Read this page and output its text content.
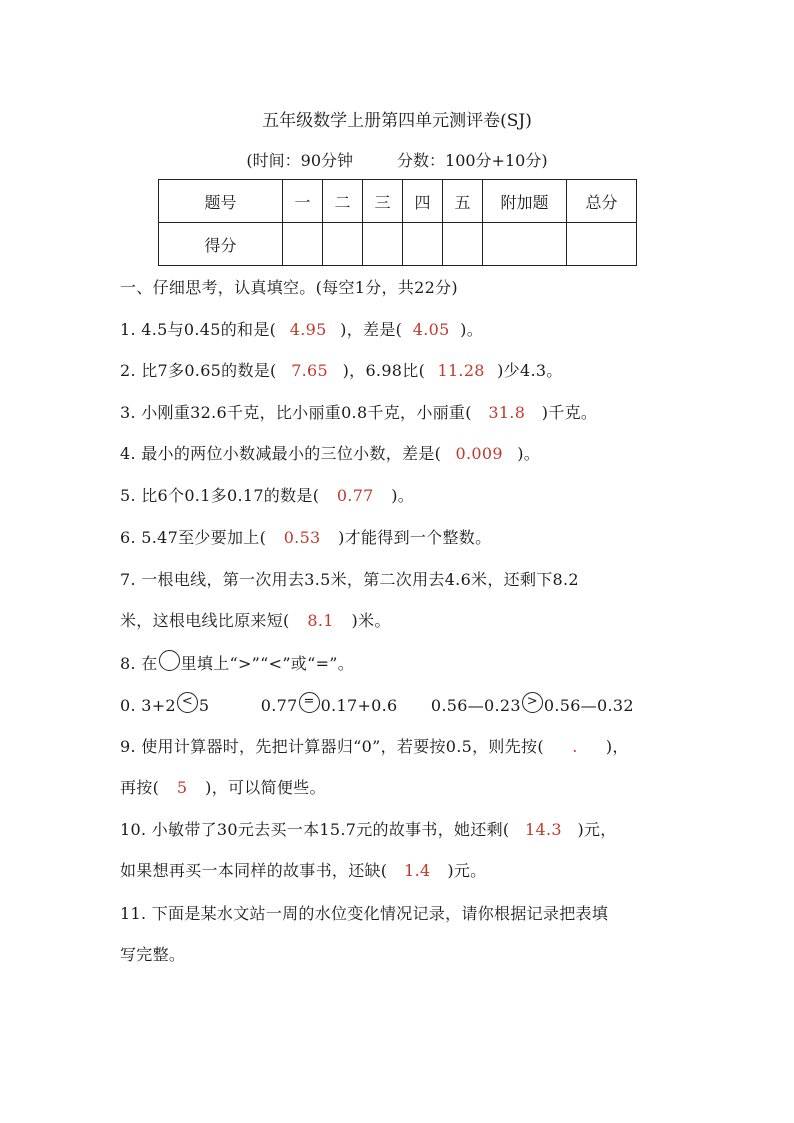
五年级数学上册第四单元测评卷(SJ)
(时间：90分钟	分数：100分+10分)
题号	一	二	三	四	五	附加题	总分
得分							
一、仔细思考，认真填空。(每空1分，共22分)
1. 4.5与0.45的和是( 4.95 )，差是( 4.05 )。
2. 比7多0.65的数是( 7.65 )，6.98比( 11.28 )少4.3。
3. 小刚重32.6千克，比小丽重0.8千克，小丽重( 31.8 )千克。
4. 最小的两位小数减最小的三位小数，差是( 0.009 )。
5. 比6个0.1多0.17的数是( 0.77 )。
6. 5.47至少要加上( 0.53 )才能得到一个整数。
7. 一根电线，第一次用去3.5米，第二次用去4.6米，还剩下8.2
米，这根电线比原来短( 8.1 )米。
8. 在 里填上“>”“<”或“=”。
0. 3+2 < 5	0.77 = 0.17+0.6 0.56—0.23 > 0.56—0.32
9. 使用计算器时，先把计算器归“0”，若要按0.5，则先按( . )，
再按( 5 )，可以简便些。
10. 小敏带了30元去买一本15.7元的故事书，她还剩( 14.3 )元，
如果想再买一本同样的故事书，还缺( 1.4 )元。
11. 下面是某水文站一周的水位变化情况记录，请你根据记录把表填
写完整。
